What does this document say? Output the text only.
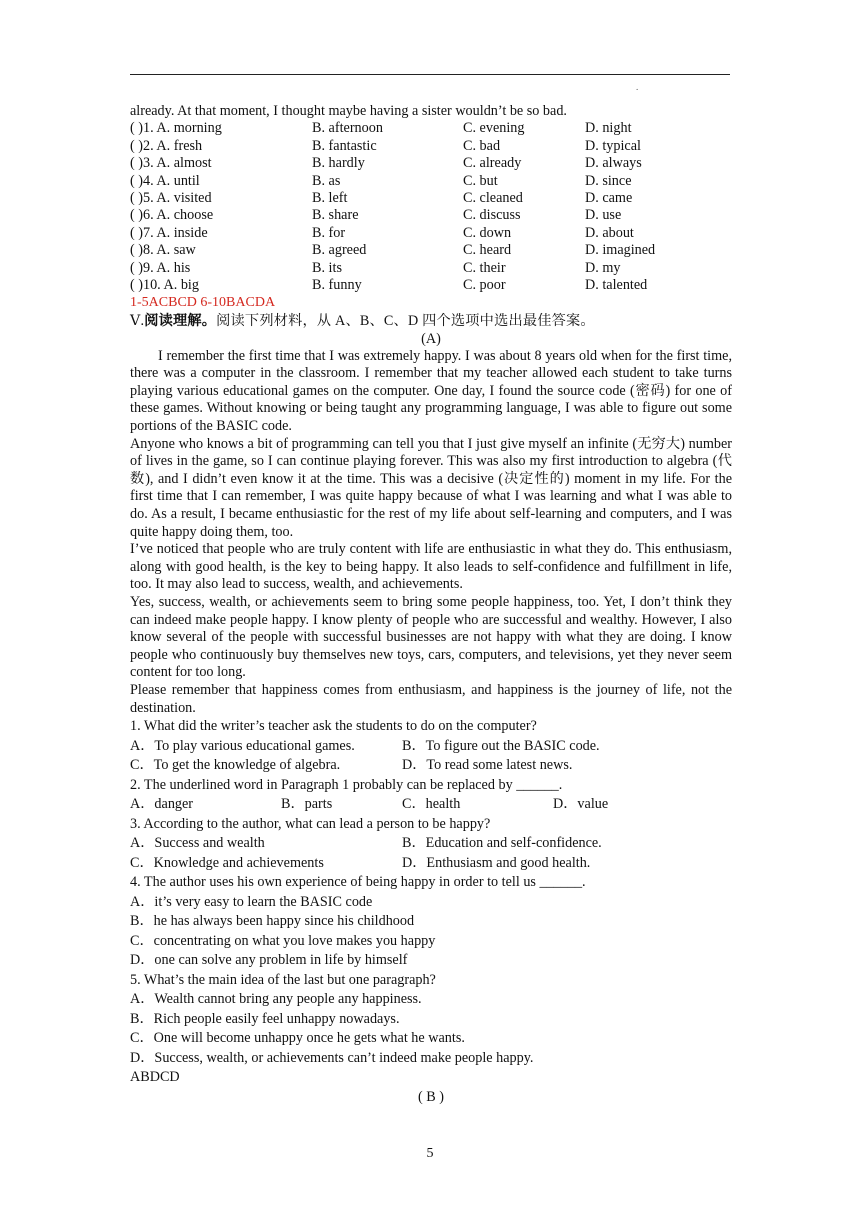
.
already. At that moment, I thought maybe having a sister wouldn’t be so bad.
( )1. A. morning	B. afternoon	C. evening	D. night
( )2. A. fresh	B. fantastic	C. bad	D. typical
( )3. A. almost	B. hardly	C. already	D. always
( )4. A. until	B. as	C. but	D. since
( )5. A. visited	B. left	C. cleaned	D. came
( )6. A. choose	B. share	C. discuss	D. use
( )7. A. inside	B. for	C. down	D. about
( )8. A. saw	B. agreed	C. heard	D. imagined
( )9. A. his	B. its	C. their	D. my
( )10. A. big	B. funny	C. poor	D. talented
1-5ACBCD 6-10BACDA
Ⅴ.阅读理解。阅读下列材料，从 A、B、C、D 四个选项中选出最佳答案。
(A)

I remember the first time that I was extremely happy. I was about 8 years old when for the first time, there was a computer in the classroom. I remember that my teacher allowed each student to take turns playing various educational games on the computer. One day, I found the source code (密码) for one of these games. Without knowing or being taught any programming language, I was able to figure out some portions of the BASIC code.

Anyone who knows a bit of programming can tell you that I just give myself an infinite (无穷大) number of lives in the game, so I can continue playing forever. This was also my first introduction to algebra (代数), and I didn’t even know it at the time. This was a decisive (决定性的) moment in my life. For the first time that I can remember, I was quite happy because of what I was learning and what I was able to do. As a result, I became enthusiastic for the rest of my life about self-learning and computers, and I was quite happy doing them, too.

I’ve noticed that people who are truly content with life are enthusiastic in what they do. This enthusiasm, along with good health, is the key to being happy. It also leads to self-confidence and fulfillment in life, too. It may also lead to success, wealth, and achievements.

Yes, success, wealth, or achievements seem to bring some people happiness, too. Yet, I don’t think they can indeed make people happy. I know plenty of people who are successful and wealthy. However, I also know several of the people with successful businesses are not happy with what they are doing. I know people who continuously buy themselves new toys, cars, computers, and televisions, yet they never seem content for too long.

Please remember that happiness comes from enthusiasm, and happiness is the journey of life, not the destination.

1. What did the writer’s teacher ask the students to do on the computer?
A．To play various educational games.	B．To figure out the BASIC code.
C．To get the knowledge of algebra.	D．To read some latest news.
2. The underlined word in Paragraph 1 probably can be replaced by ______.
A．danger	B．parts	C．health	D．value
3. According to the author, what can lead a person to be happy?
A．Success and wealth	B．Education and self-confidence.
C．Knowledge and achievements	D．Enthusiasm and good health.
4. The author uses his own experience of being happy in order to tell us ______.
A．it’s very easy to learn the BASIC code
B．he has always been happy since his childhood
C．concentrating on what you love makes you happy
D．one can solve any problem in life by himself
5. What’s the main idea of the last but one paragraph?
A．Wealth cannot bring any people any happiness.
B．Rich people easily feel unhappy nowadays.
C．One will become unhappy once he gets what he wants.
D．Success, wealth, or achievements can’t indeed make people happy.
ABDCD
( B )
5
